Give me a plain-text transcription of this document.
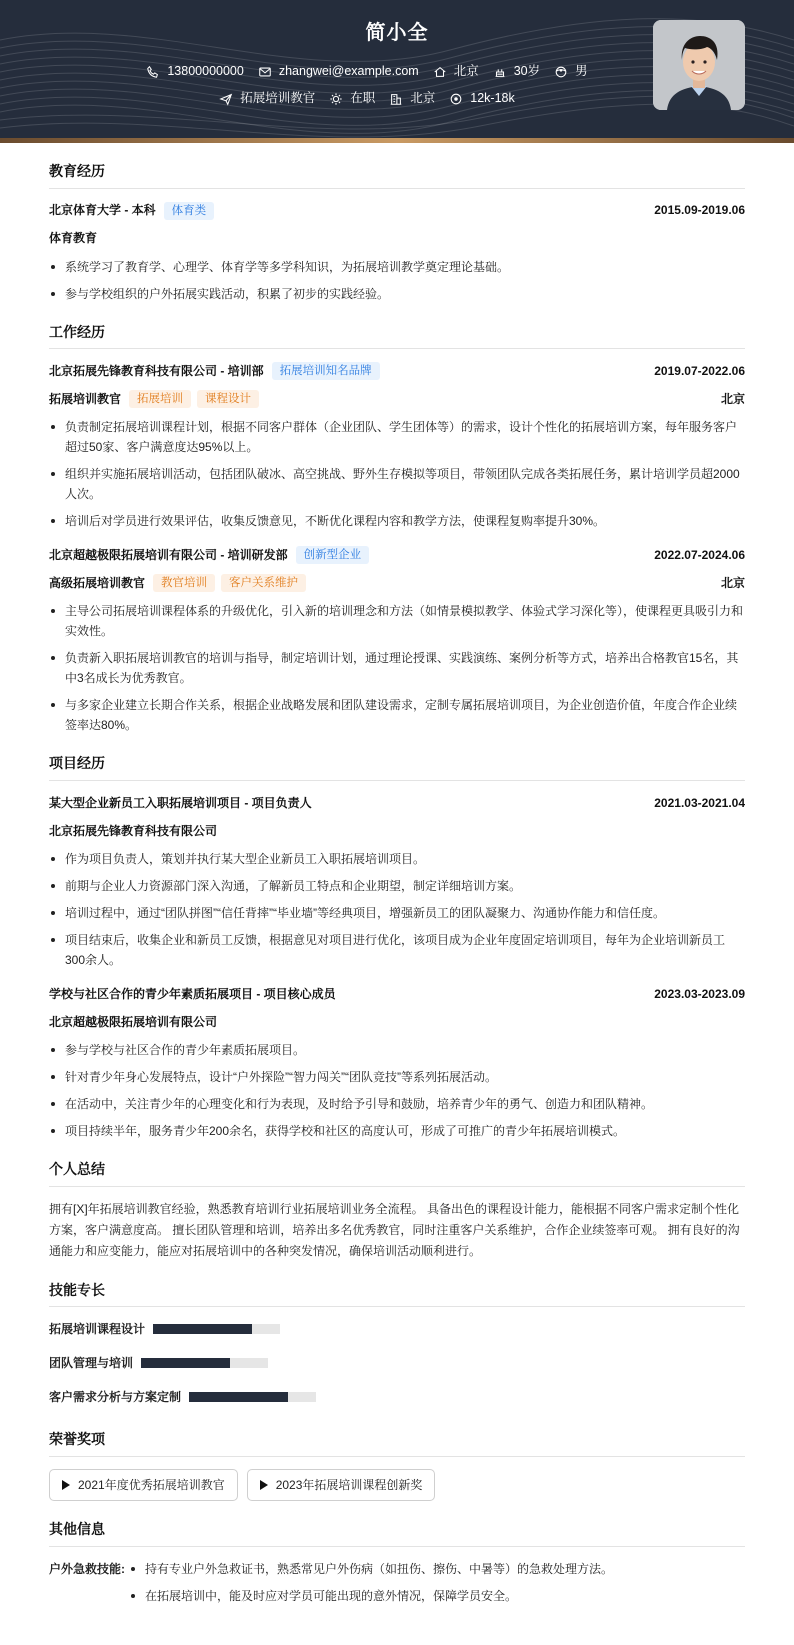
简小全
13800000000	zhangwei@example.com	北京	30岁	男
拓展培训教官	在职	北京	12k-18k
教育经历
北京体育大学 - 本科	体育类	2015.09-2019.06
体育教育
系统学习了教育学、心理学、体育学等多学科知识，为拓展培训教学奠定理论基础。
参与学校组织的户外拓展实践活动，积累了初步的实践经验。
工作经历
北京拓展先锋教育科技有限公司 - 培训部	拓展培训知名品牌	2019.07-2022.06
拓展培训教官	拓展培训	课程设计	北京
负责制定拓展培训课程计划，根据不同客户群体（企业团队、学生团体等）的需求，设计个性化的拓展培训方案，每年服务客户超过50家、客户满意度达95%以上。
组织并实施拓展培训活动，包括团队破冰、高空挑战、野外生存模拟等项目，带领团队完成各类拓展任务，累计培训学员超2000人次。
培训后对学员进行效果评估，收集反馈意见，不断优化课程内容和教学方法，使课程复购率提升30%。
北京超越极限拓展培训有限公司 - 培训研发部	创新型企业	2022.07-2024.06
高级拓展培训教官	教官培训	客户关系维护	北京
主导公司拓展培训课程体系的升级优化，引入新的培训理念和方法（如情景模拟教学、体验式学习深化等），使课程更具吸引力和实效性。
负责新入职拓展培训教官的培训与指导，制定培训计划，通过理论授课、实践演练、案例分析等方式，培养出合格教官15名，其中3名成长为优秀教官。
与多家企业建立长期合作关系，根据企业战略发展和团队建设需求，定制专属拓展培训项目，为企业创造价值，年度合作企业续签率达80%。
项目经历
某大型企业新员工入职拓展培训项目 - 项目负责人	2021.03-2021.04
北京拓展先锋教育科技有限公司
作为项目负责人，策划并执行某大型企业新员工入职拓展培训项目。
前期与企业人力资源部门深入沟通，了解新员工特点和企业期望，制定详细培训方案。
培训过程中，通过“团队拼图”“信任背摔”“毕业墙”等经典项目，增强新员工的团队凝聚力、沟通协作能力和信任度。
项目结束后，收集企业和新员工反馈，根据意见对项目进行优化，该项目成为企业年度固定培训项目，每年为企业培训新员工300余人。
学校与社区合作的青少年素质拓展项目 - 项目核心成员	2023.03-2023.09
北京超越极限拓展培训有限公司
参与学校与社区合作的青少年素质拓展项目。
针对青少年身心发展特点，设计“户外探险”“智力闯关”“团队竞技”等系列拓展活动。
在活动中，关注青少年的心理变化和行为表现，及时给予引导和鼓励，培养青少年的勇气、创造力和团队精神。
项目持续半年，服务青少年200余名，获得学校和社区的高度认可，形成了可推广的青少年拓展培训模式。
个人总结
拥有[X]年拓展培训教官经验，熟悉教育培训行业拓展培训业务全流程。 具备出色的课程设计能力，能根据不同客户需求定制个性化方案，客户满意度高。 擅长团队管理和培训，培养出多名优秀教官，同时注重客户关系维护，合作企业续签率可观。 拥有良好的沟通能力和应变能力，能应对拓展培训中的各种突发情况，确保培训活动顺利进行。
技能专长
拓展培训课程设计
团队管理与培训
客户需求分析与方案定制
荣誉奖项
2021年度优秀拓展培训教官	2023年拓展培训课程创新奖
其他信息
户外急救技能:	持有专业户外急救证书，熟悉常见户外伤病（如扭伤、擦伤、中暑等）的急救处理方法。
在拓展培训中，能及时应对学员可能出现的意外情况，保障学员安全。
